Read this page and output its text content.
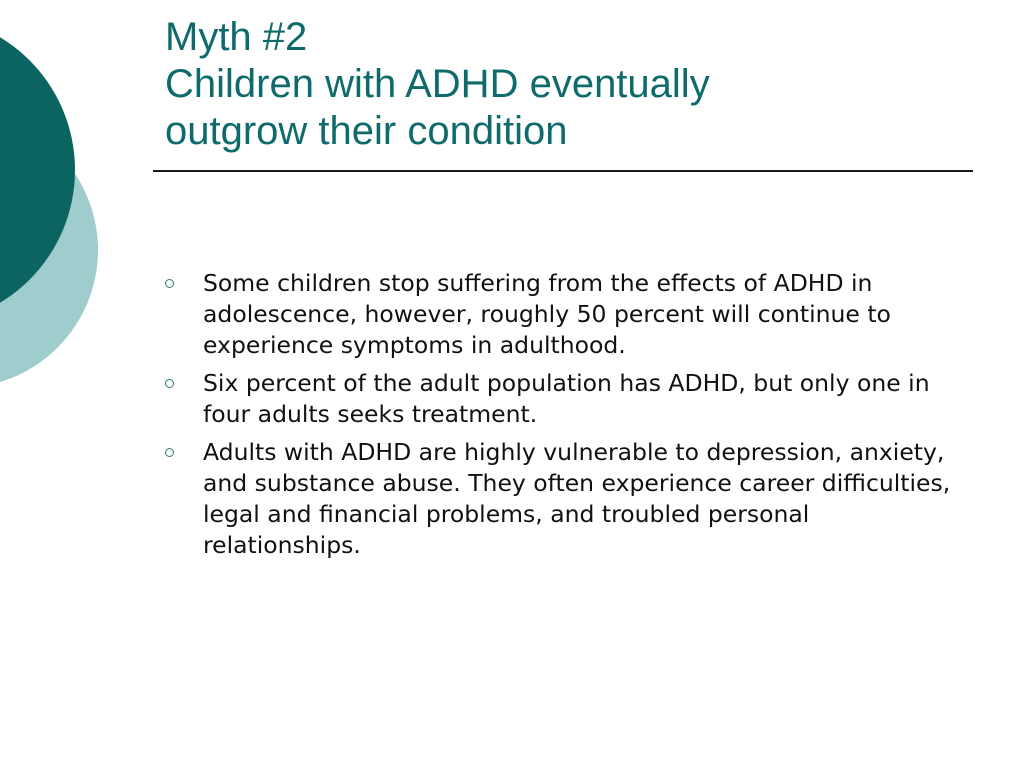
Myth #2
Children with ADHD eventually
outgrow their condition
Some children stop suffering from the effects of ADHD in adolescence, however, roughly 50 percent will continue to experience symptoms in adulthood.
Six percent of the adult population has ADHD, but only one in four adults seeks treatment.
Adults with ADHD are highly vulnerable to depression, anxiety, and substance abuse. They often experience career difficulties, legal and financial problems, and troubled personal relationships.
